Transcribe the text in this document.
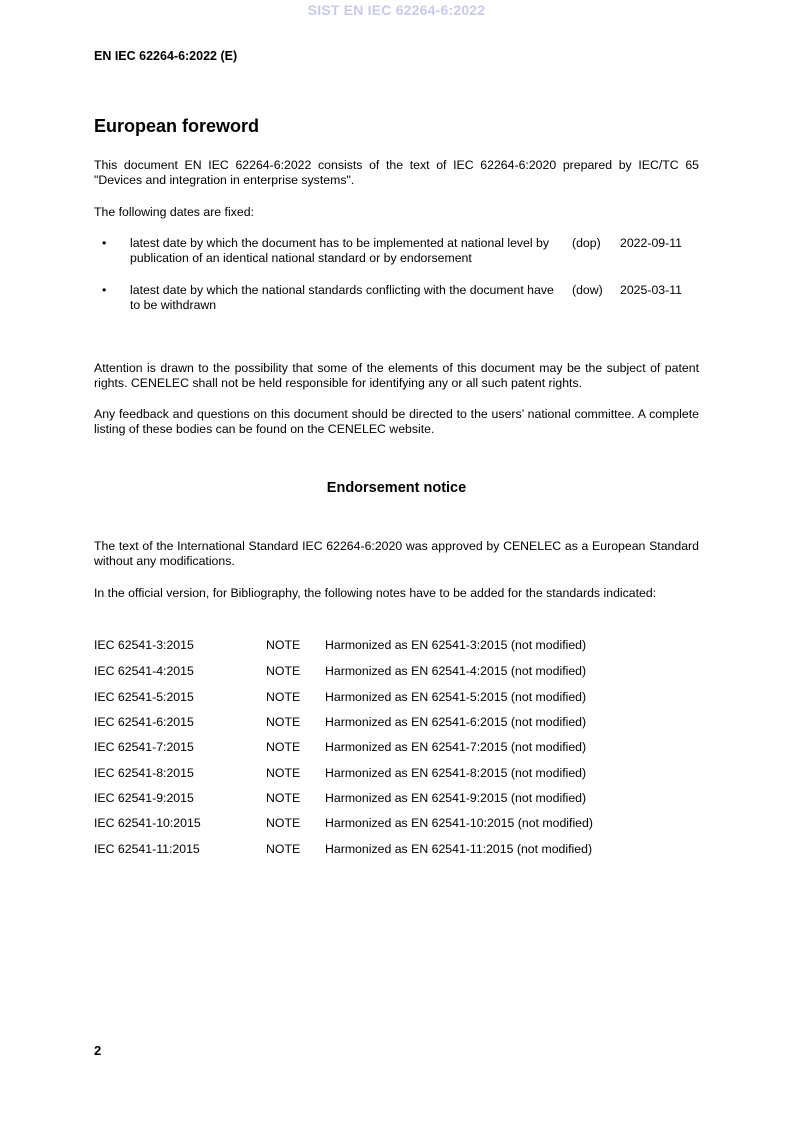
SIST EN IEC 62264-6:2022
EN IEC 62264-6:2022 (E)
European foreword
This document EN IEC 62264-6:2022 consists of the text of IEC 62264-6:2020 prepared by IEC/TC 65 "Devices and integration in enterprise systems".
The following dates are fixed:
• latest date by which the document has to be implemented at national level by publication of an identical national standard or by endorsement
(dop)	2022-09-11
• latest date by which the national standards conflicting with the document have to be withdrawn
(dow)	2025-03-11
Attention is drawn to the possibility that some of the elements of this document may be the subject of patent rights. CENELEC shall not be held responsible for identifying any or all such patent rights.
Any feedback and questions on this document should be directed to the users’ national committee. A complete listing of these bodies can be found on the CENELEC website.
Endorsement notice
The text of the International Standard IEC 62264-6:2020 was approved by CENELEC as a European Standard without any modifications.
In the official version, for Bibliography, the following notes have to be added for the standards indicated:
IEC 62541-3:2015	NOTE Harmonized as EN 62541-3:2015 (not modified)
IEC 62541-4:2015	NOTE Harmonized as EN 62541-4:2015 (not modified)
IEC 62541-5:2015	NOTE Harmonized as EN 62541-5:2015 (not modified)
IEC 62541-6:2015	NOTE Harmonized as EN 62541-6:2015 (not modified)
IEC 62541-7:2015	NOTE Harmonized as EN 62541-7:2015 (not modified)
IEC 62541-8:2015	NOTE Harmonized as EN 62541-8:2015 (not modified)
IEC 62541-9:2015	NOTE Harmonized as EN 62541-9:2015 (not modified)
IEC 62541-10:2015	NOTE Harmonized as EN 62541-10:2015 (not modified)
IEC 62541-11:2015	NOTE Harmonized as EN 62541-11:2015 (not modified)
2
